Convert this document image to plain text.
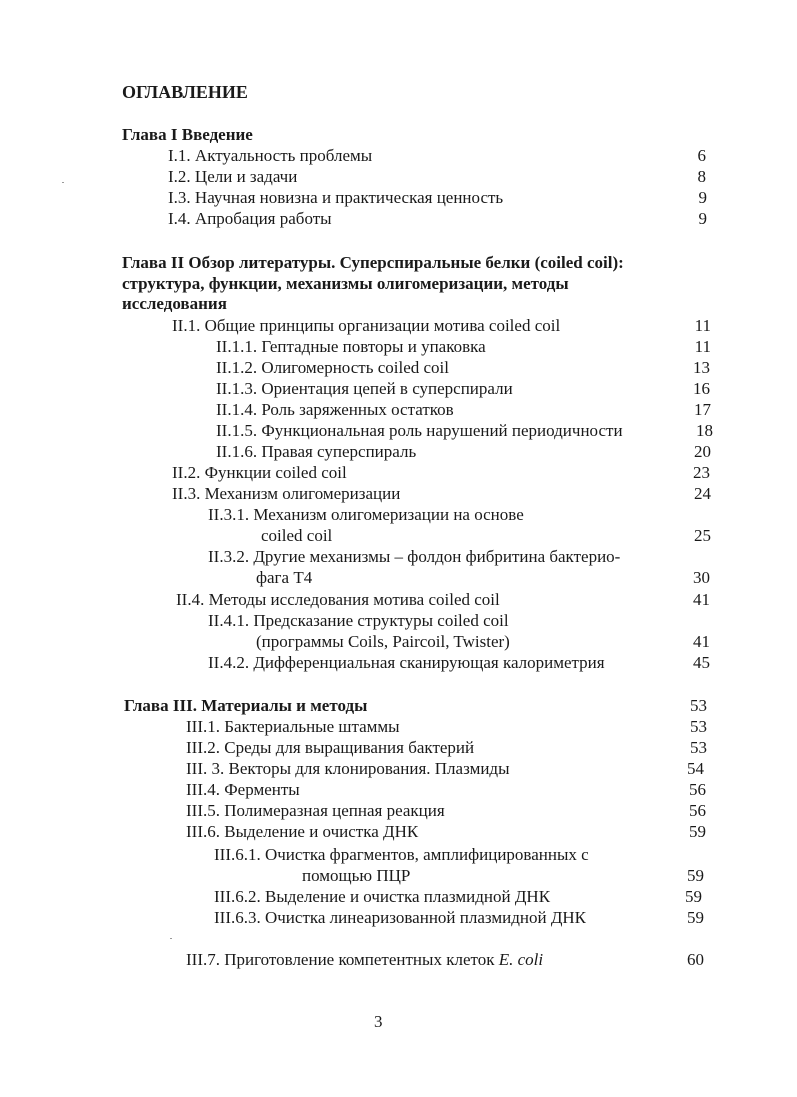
ОГЛАВЛЕНИЕ
Глава I Введение
I.1. Актуальность проблемы	6
I.2. Цели и задачи	8
I.3. Научная новизна и практическая ценность	9
I.4. Апробация работы	9
Глава II Обзор литературы. Суперспиральные белки (coiled coil):
структура, функции, механизмы олигомеризации, методы
исследования
II.1. Общие принципы организации мотива coiled coil	11
II.1.1. Гептадные повторы и упаковка	11
II.1.2. Олигомерность coiled coil	13
II.1.3. Ориентация цепей в суперспирали	16
II.1.4. Роль заряженных остатков	17
II.1.5. Функциональная роль нарушений периодичности	18
II.1.6. Правая суперспираль	20
II.2. Функции coiled coil	23
II.3. Механизм олигомеризации	24
II.3.1. Механизм олигомеризации на основе
coiled coil	25
II.3.2. Другие механизмы – фолдон фибритина бактерио-
фага Т4	30
II.4. Методы исследования мотива coiled coil	41
II.4.1. Предсказание структуры coiled coil
(программы Coils, Paircoil, Twister)	41
II.4.2. Дифференциальная сканирующая калориметрия	45
Глава III. Материалы и методы	53
III.1. Бактериальные штаммы	53
III.2. Среды для выращивания бактерий	53
III. 3. Векторы для клонирования. Плазмиды	54
III.4. Ферменты	56
III.5. Полимеразная цепная реакция	56
III.6. Выделение и очистка ДНК	59
III.6.1. Очистка фрагментов, амплифицированных с
помощью ПЦР	59
III.6.2. Выделение и очистка плазмидной ДНК	59
III.6.3. Очистка линеаризованной плазмидной ДНК	59
III.7. Приготовление компетентных клеток E. coli	60
3
